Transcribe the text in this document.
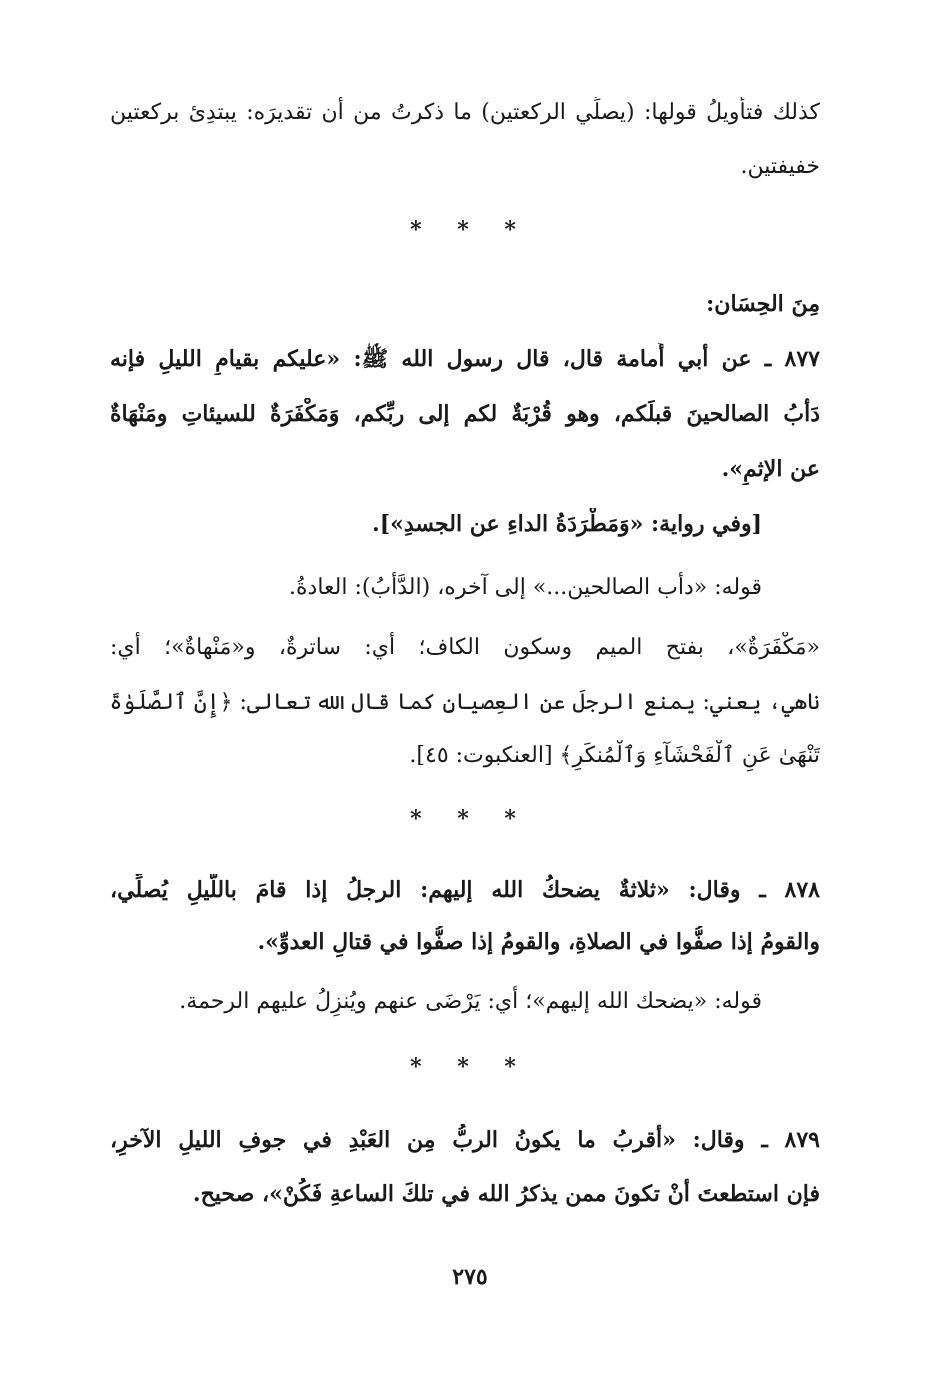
كذلك فتأويلُ قولها: (يصلِّي الركعتين) ما ذكرتُ من أن تقديرَه: يبتدِئ بركعتين
خفيفتين.
* * *
مِنَ الحِسَان:
٨٧٧ ـ عن أبي أُمامة قال، قال رسول الله ﷺ: «عليكم بقيامِ الليلِ فإنه
دَأْبُ الصالحينَ قبلَكم، وهو قُرْبَةٌ لكم إلى ربِّكم، وَمَكْفَرَةٌ للسيئاتِ ومَنْهَاةٌ
عن الإثمِ».
[وفي رواية: «وَمَطْرَدَةُ الداءِ عن الجسدِ»].
قوله: «دأب الصالحين...» إلى آخره، (الدَّأْبُ): العادةُ.
«مَكْفَرَةٌ»، بفتح الميم وسكون الكاف؛ أي: ساترةٌ، و«مَنْهاةٌ»؛ أي:
ناهي، يعني: يمنع الرجلَ عن العِصيانِ كما قال الله تعالى: ﴿إِنَّ ٱلصَّلَوٰةَ
تَنْهَىٰ عَنِ ٱلْفَحْشَآءِ وَٱلْمُنكَرِ﴾ [العنكبوت: ٤٥].
* * *
٨٧٨ ـ وقال: «ثلاثةٌ يضحكُ الله إليهم: الرجلُ إذا قامَ باللَّيلِ يُصلِّي،
والقومُ إذا صفُّوا في الصلاةِ، والقومُ إذا صفُّوا في قتالِ العدوِّ».
قوله: «يضحك الله إليهم»؛ أي: يَرْضَى عنهم ويُنزِلُ عليهم الرحمة.
* * *
٨٧٩ ـ وقال: «أقربُ ما يكونُ الربُّ مِن العَبْدِ في جوفِ الليلِ الآخرِ،
فإن استطعتَ أنْ تكونَ ممن يذكرُ الله في تلكَ الساعةِ فَكُنْ»، صحيح.
٢٧٥
